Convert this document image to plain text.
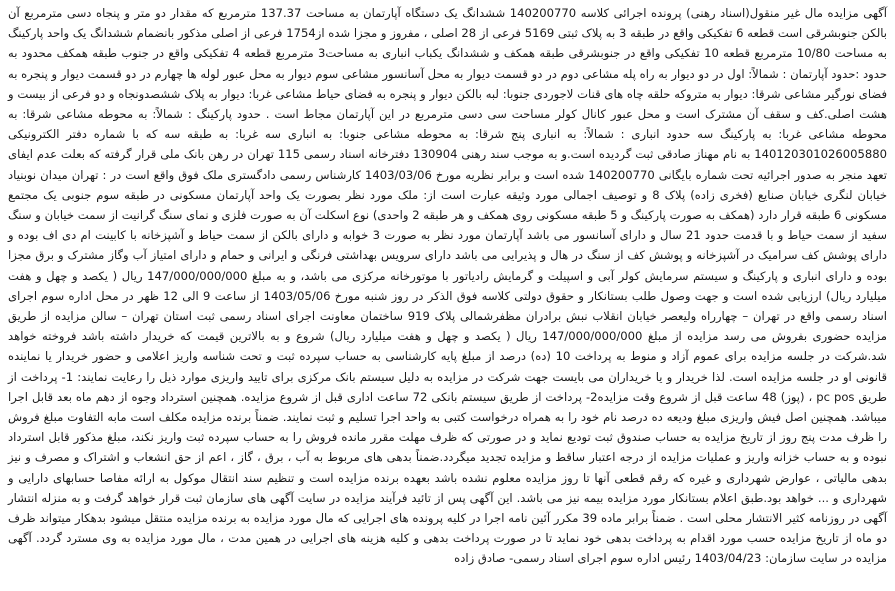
آگهی مزایده مال غیر منقول(اسناد رهنی) پرونده اجرائی کلاسه 140200770 ششدانگ یک دستگاه آپارتمان به مساحت 137.37 مترمربع که مقدار دو متر و پنجاه دسی مترمربع آن بالکن جنوبشرقی است قطعه 6 تفکیکی واقع در طبقه 3 به پلاک ثبتی 5169 فرعی از 28 اصلی ، مفروز و مجزا شده از1754 فرعی از اصلی مذکور بانضمام ششدانگ یک واحد پارکینگ به مساحت 10/80 مترمربع قطعه 10 تفکیکی واقع در جنوبشرقی طبقه همکف و ششدانگ یکباب انباری به مساحت3 مترمربع قطعه 4 تفکیکی واقع در جنوب طبقه همکف محدود به حدود :حدود آپارتمان : شمالاً: اول در دو دیوار به راه پله مشاعی دوم در دو قسمت دیوار به محل آسانسور مشاعی سوم دیوار به محل عبور لوله ها چهارم در دو قسمت دیوار و پنجره به فضای نورگیر مشاعی شرقا: دیوار به متروکه حلقه چاه های قنات لاجوردی جنوبا: لبه بالکن دیوار و پنجره به فضای حیاط مشاعی غربا: دیوار به پلاک ششصدونجاه و دو فرعی از بیست و هشت اصلی.کف و سقف آن مشترک است و محل عبور کانال کولر مساحت سی دسی مترمربع در این آپارتمان مجاط است . حدود پارکینگ : شمالاً: به محوطه مشاعی شرقا: به محوطه مشاعی غربا: به پارکینگ سه حدود انباری : شمالاً: به انباری پنج شرقا: به محوطه مشاعی جنوبا: به انباری سه غربا: به طبقه سه که با شماره دفتر الکترونیکی 140120301026005880 به نام مهناز صادقی ثبت گردیده است.و به موجب سند رهنی 130904 دفترخانه اسناد رسمی 115 تهران در رهن بانک ملی قرار گرفته که بعلت عدم ایفای تعهد منجر به صدور اجرائیه تحت شماره بایگانی 140200770 شده است و برابر نظریه مورخ 1403/03/06 کارشناس رسمی دادگستری ملک فوق واقع است در : تهران میدان نوبنیاد خیابان لنگری خیابان صنایع (فخری زاده) پلاک 8 و توصیف اجمالی مورد وثیقه عبارت است از: ملک مورد نظر بصورت یک واحد آپارتمان مسکونی در طبقه سوم جنوبی یک مجتمع مسکونی 6 طبقه قرار دارد (همکف به صورت پارکینگ و 5 طبقه مسکونی روی همکف و هر طبقه 2 واحدی) نوع اسکلت آن به صورت فلزی و نمای سنگ گرانیت از سمت خیابان و سنگ سفید از سمت حیاط و با قدمت حدود 21 سال و دارای آسانسور می باشد آپارتمان مورد نظر به صورت 3 خوابه و دارای بالکن از سمت حیاط و آشپزخانه با کابینت ام دی اف بوده و دارای پوشش کف سرامیک در آشپزخانه و پوشش کف از سنگ در هال و پذیرایی می باشد دارای سرویس بهداشتی فرنگی و ایرانی و حمام و دارای امتیاز آب وگاز مشترک و برق مجزا بوده و دارای انباری و پارکینگ و سیستم سرمایش کولر آبی و اسپیلت و گرمایش رادیاتور با موتورخانه مرکزی می باشد، و به مبلغ 147/000/000/000 ریال ( یکصد و چهل و هفت میلیارد ریال) ارزیابی شده است و جهت وصول طلب بستانکار و حقوق دولتی کلاسه فوق الذکر در روز شنبه مورخ 1403/05/06 از ساعت 9 الی 12 ظهر در محل اداره سوم اجرای اسناد رسمی واقع در تهران – چهارراه ولیعصر خیابان انقلاب نبش برادران مظفرشمالی پلاک 919 ساختمان معاونت اجرای اسناد رسمی ثبت استان تهران – سالن مزایده از طریق مزایده حضوری بفروش می رسد مزایده از مبلغ 147/000/000/000 ریال ( یکصد و چهل و هفت میلیارد ریال) شروع و به بالاترین قیمت که خریدار داشته باشد فروخته خواهد شد.شرکت در جلسه مزایده برای عموم آزاد و منوط به پرداخت 10 (ده) درصد از مبلغ پایه کارشناسی به حساب سپرده ثبت و تحت شناسه واریز اعلامی و حضور خریدار یا نماینده قانونی او در جلسه مزایده است. لذا خریدار و یا خریداران می بایست جهت شرکت در مزایده به دلیل سیستم بانک مرکزی برای تایید واریزی موارد ذیل را رعایت نمایند: 1- پرداخت از طریق pc pos ، (پوز) 48 ساعت قبل از شروع وقت مزایده2- پرداخت از طریق سیستم بانکی 72 ساعت اداری قبل از شروع مزایده. همچنین استرداد وجوه از دهم ماه بعد قابل اجرا میباشد. همچنین اصل فیش واریزی مبلغ ودیعه ده درصد نام خود را به همراه درخواست کتبی به واحد اجرا تسلیم و ثبت نمایند. ضمناً برنده مزایده مکلف است مابه التفاوت مبلغ فروش را ظرف مدت پنج روز از تاریخ مزایده به حساب صندوق ثبت تودیع نماید و در صورتی که ظرف مهلت مقرر مانده فروش را به حساب سپرده ثبت واریز نکند، مبلغ مذکور قابل استرداد نبوده و به حساب خزانه واریز و عملیات مزایده از درجه اعتبار ساقط و مزایده تجدید میگردد.ضمناً بدهی های مربوط به آب ، برق ، گاز ، اعم از حق انشعاب و اشتراک و مصرف و نیز بدهی مالیاتی ، عوارض شهرداری و غیره که رقم قطعی آنها تا روز مزایده معلوم نشده باشد بعهده برنده مزایده است و تنظیم سند انتقال موکول به ارائه مفاصا حسابهای دارایی و شهرداری و ... خواهد بود.طبق اعلام بستانکار مورد مزایده بیمه نیز می باشد. این آگهی پس از تائید فرآیند مزایده در سایت آگهی های سازمان ثبت قرار خواهد گرفت و به منزله انتشار آگهی در روزنامه کثیر الانتشار محلی است . ضمناً برابر ماده 39 مکرر آئین نامه اجرا در کلیه پرونده های اجرایی که مال مورد مزایده به برنده مزایده منتقل میشود بدهکار میتواند ظرف دو ماه از تاریخ مزایده حسب مورد اقدام به پرداخت بدهی خود نماید تا در صورت پرداخت بدهی و کلیه هزینه های اجرایی در همین مدت ، مال مورد مزایده به وی مسترد گردد. آگهی مزایده در سایت سازمان: 1403/04/23 رئیس اداره سوم اجرای اسناد رسمی- صادق زاده
